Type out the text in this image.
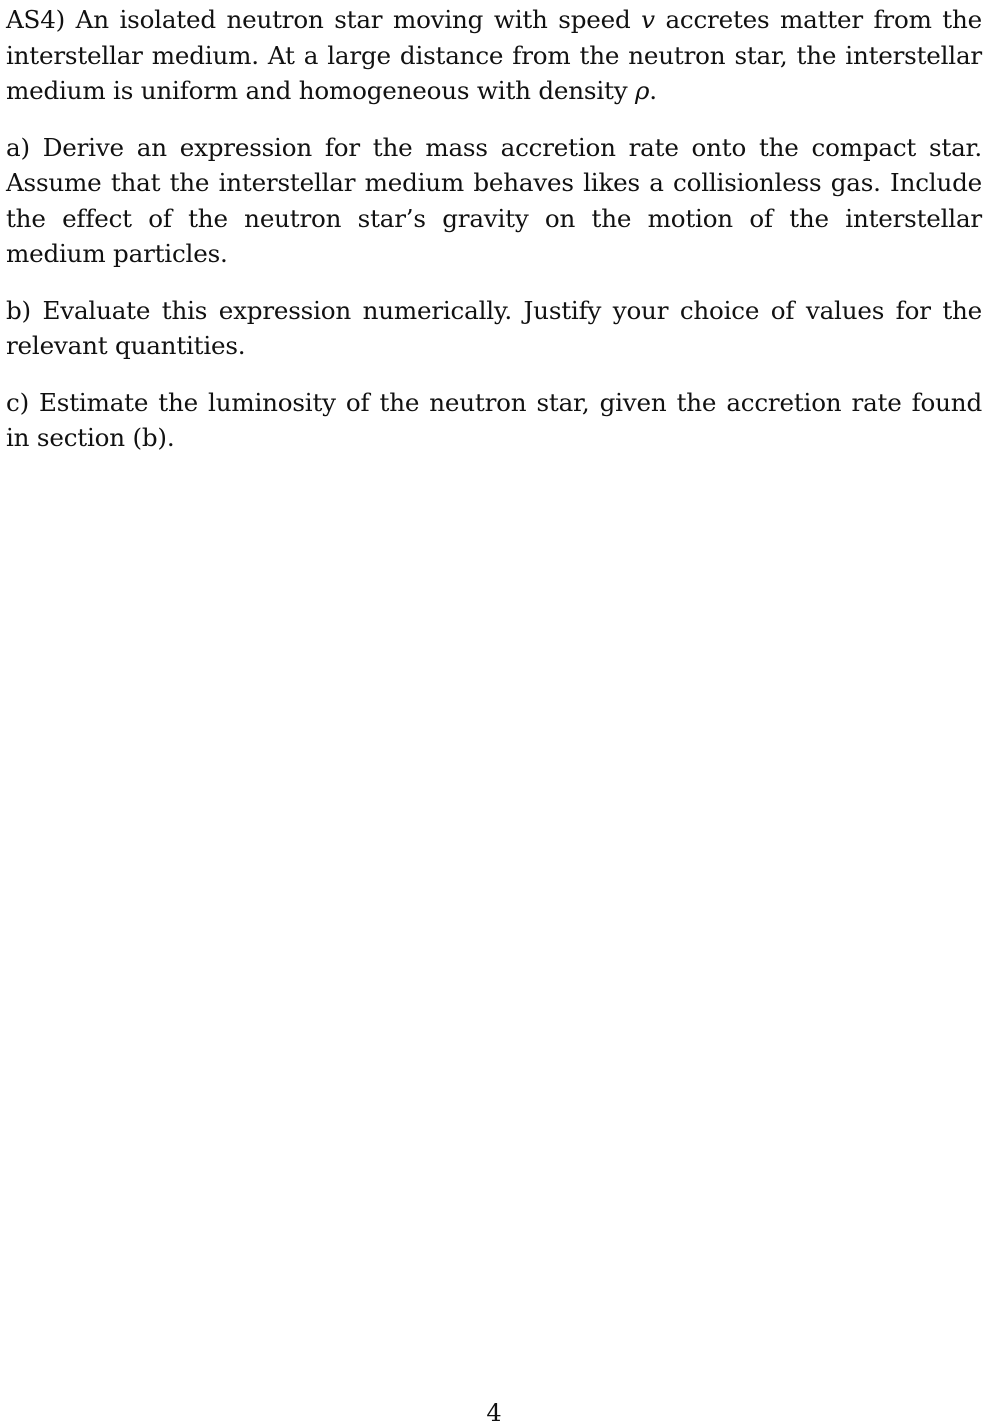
AS4) An isolated neutron star moving with speed v accretes matter from the interstellar medium. At a large distance from the neutron star, the interstellar medium is uniform and homogeneous with density ρ.

a) Derive an expression for the mass accretion rate onto the compact star. Assume that the interstellar medium behaves likes a collisionless gas. Include the effect of the neutron star’s gravity on the motion of the interstellar medium particles.

b) Evaluate this expression numerically. Justify your choice of values for the relevant quantities.

c) Estimate the luminosity of the neutron star, given the accretion rate found in section (b).

4
